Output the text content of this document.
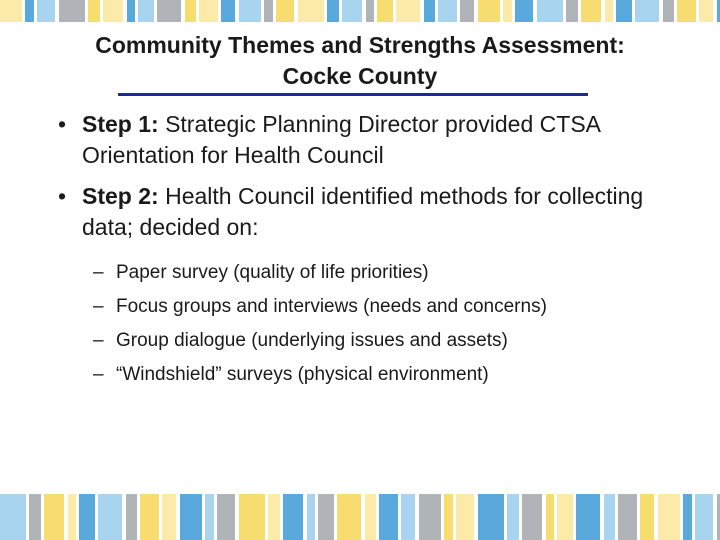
Community Themes and Strengths Assessment:
Cocke County
• Step 1: Strategic Planning Director provided CTSA Orientation for Health Council
• Step 2: Health Council identified methods for collecting data; decided on:
– Paper survey (quality of life priorities)
– Focus groups and interviews (needs and concerns)
– Group dialogue (underlying issues and assets)
– “Windshield” surveys (physical environment)
